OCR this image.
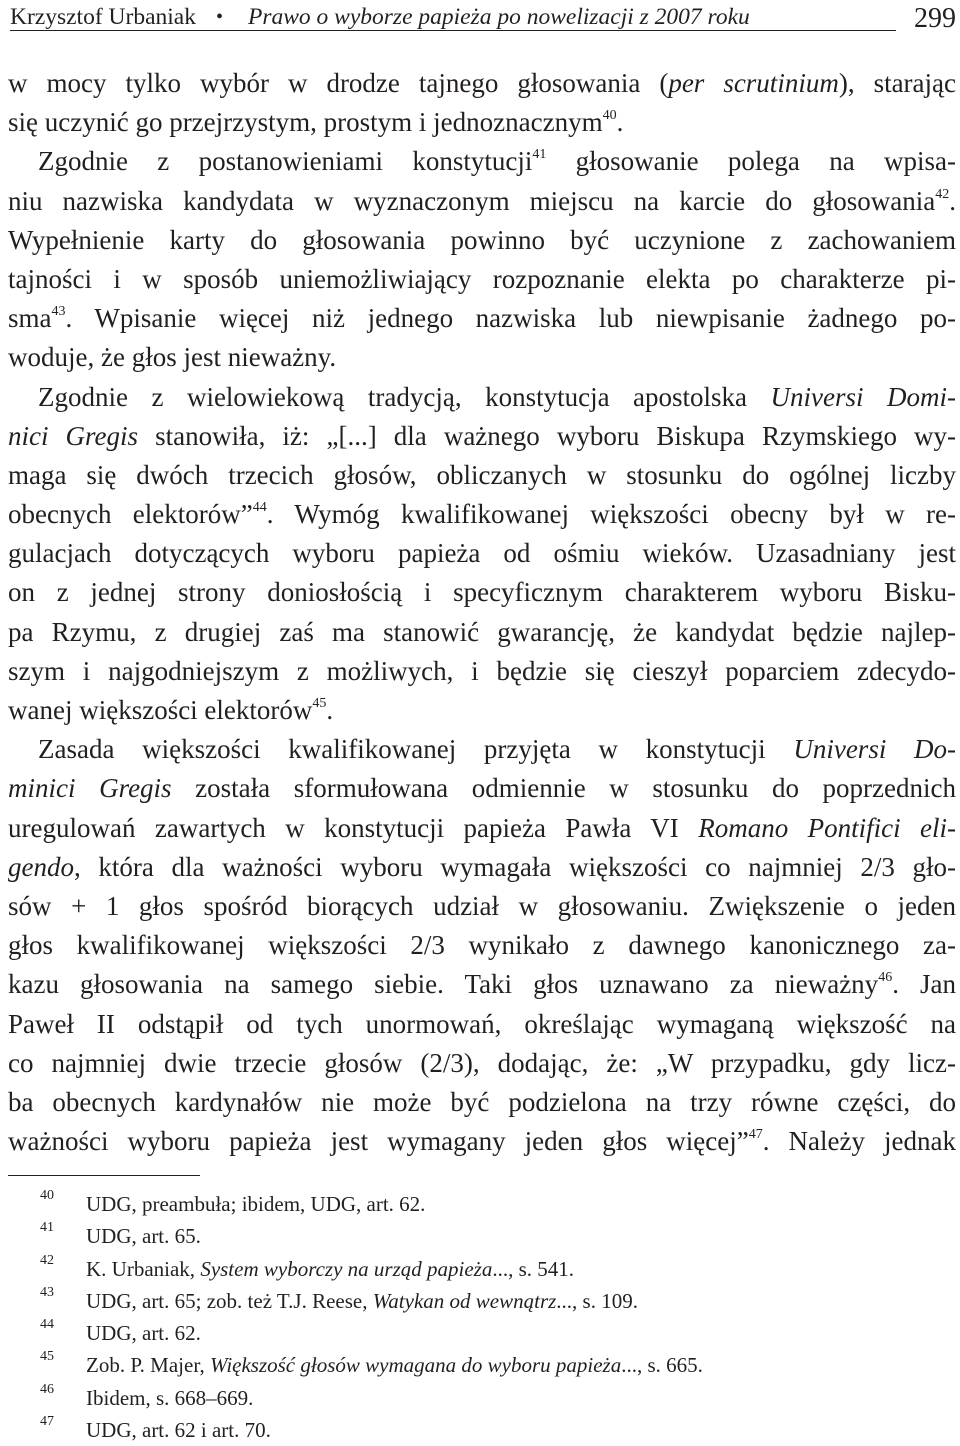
Krzysztof Urbaniak • Prawo o wyborze papieża po nowelizacji z 2007 roku	299
w mocy tylko wybór w drodze tajnego głosowania (per scrutinium), starając
się uczynić go przejrzystym, prostym i jednoznacznym$^{40}$.
Zgodnie z postanowieniami konstytucji$^{41}$ głosowanie polega na wpisa-
niu nazwiska kandydata w wyznaczonym miejscu na karcie do głosowania$^{42}$.
Wypełnienie karty do głosowania powinno być uczynione z zachowaniem
tajności i w sposób uniemożliwiający rozpoznanie elekta po charakterze pi-
sma$^{43}$. Wpisanie więcej niż jednego nazwiska lub niewpisanie żadnego po-
woduje, że głos jest nieważny.
Zgodnie z wielowiekową tradycją, konstytucja apostolska Universi Domi-
nici Gregis stanowiła, iż: „[...] dla ważnego wyboru Biskupa Rzymskiego wy-
maga się dwóch trzecich głosów, obliczanych w stosunku do ogólnej liczby
obecnych elektorów”$^{44}$. Wymóg kwalifikowanej większości obecny był w re-
gulacjach dotyczących wyboru papieża od ośmiu wieków. Uzasadniany jest
on z jednej strony doniosłością i specyficznym charakterem wyboru Bisku-
pa Rzymu, z drugiej zaś ma stanowić gwarancję, że kandydat będzie najlep-
szym i najgodniejszym z możliwych, i będzie się cieszył poparciem zdecydo-
wanej większości elektorów$^{45}$.
Zasada większości kwalifikowanej przyjęta w konstytucji Universi Do-
minici Gregis została sformułowana odmiennie w stosunku do poprzednich
uregulowań zawartych w konstytucji papieża Pawła VI Romano Pontifici eli-
gendo, która dla ważności wyboru wymagała większości co najmniej 2/3 gło-
sów + 1 głos spośród biorących udział w głosowaniu. Zwiększenie o jeden
głos kwalifikowanej większości 2/3 wynikało z dawnego kanonicznego za-
kazu głosowania na samego siebie. Taki głos uznawano za nieważny$^{46}$. Jan
Paweł II odstąpił od tych unormowań, określając wymaganą większość na
co najmniej dwie trzecie głosów (2/3), dodając, że: „W przypadku, gdy licz-
ba obecnych kardynałów nie może być podzielona na trzy równe części, do
ważności wyboru papieża jest wymagany jeden głos więcej”$^{47}$. Należy jednak
40 UDG, preambuła; ibidem, UDG, art. 62.
41 UDG, art. 65.
42 K. Urbaniak, System wyborczy na urząd papieża..., s. 541.
43 UDG, art. 65; zob. też T.J. Reese, Watykan od wewnątrz..., s. 109.
44 UDG, art. 62.
45 Zob. P. Majer, Większość głosów wymagana do wyboru papieża..., s. 665.
46 Ibidem, s. 668–669.
47 UDG, art. 62 i art. 70.
